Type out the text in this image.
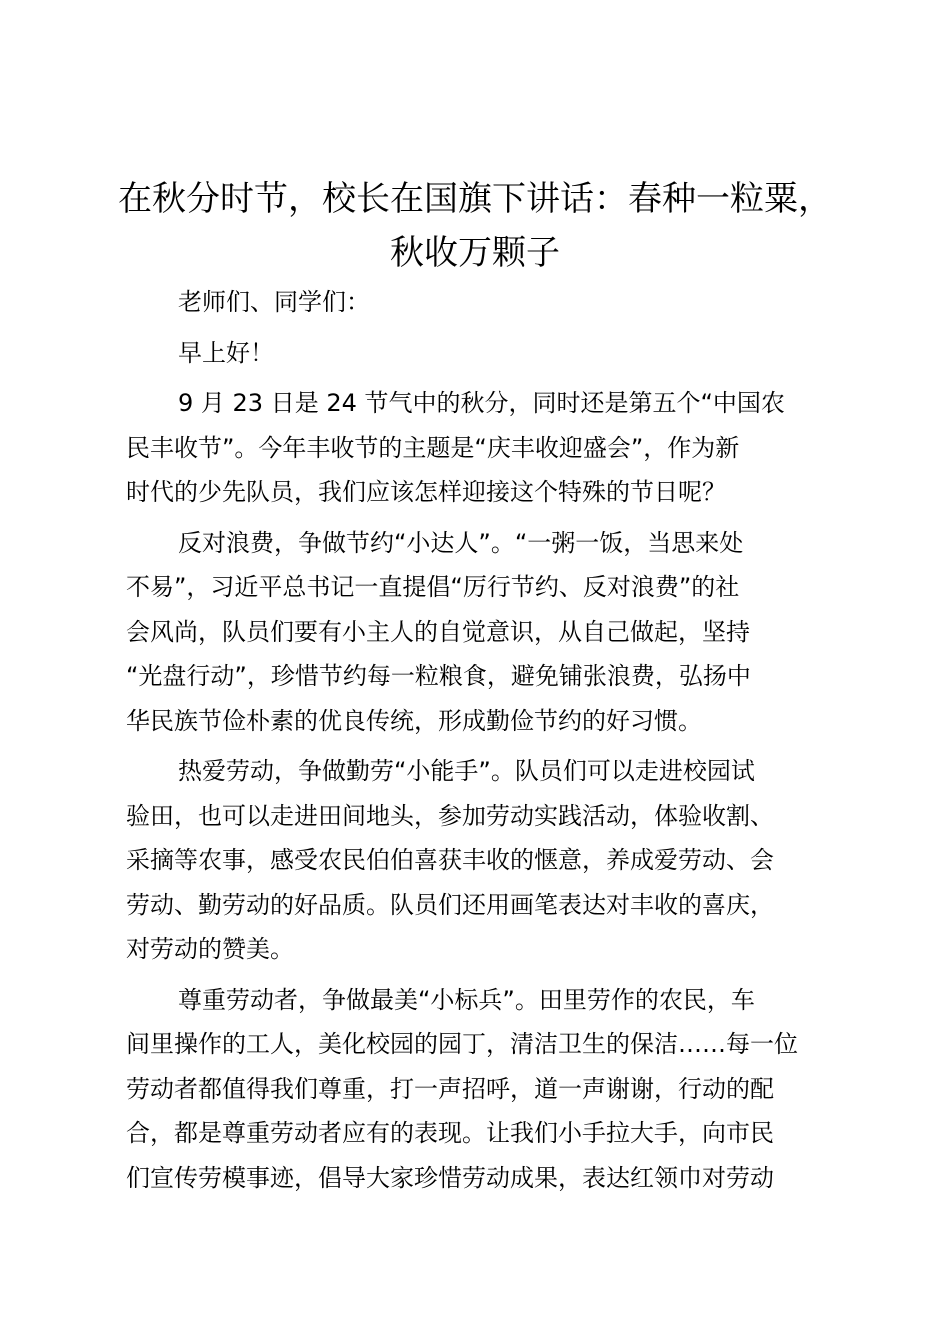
在秋分时节，校长在国旗下讲话：春种一粒粟，
秋收万颗子

老师们、同学们：

早上好！

9 月 23 日是 24 节气中的秋分，同时还是第五个“中国农
民丰收节”。今年丰收节的主题是“庆丰收迎盛会”，作为新
时代的少先队员，我们应该怎样迎接这个特殊的节日呢？

反对浪费，争做节约“小达人”。“一粥一饭，当思来处
不易”，习近平总书记一直提倡“厉行节约、反对浪费”的社
会风尚，队员们要有小主人的自觉意识，从自己做起，坚持
“光盘行动”，珍惜节约每一粒粮食，避免铺张浪费，弘扬中
华民族节俭朴素的优良传统，形成勤俭节约的好习惯。

热爱劳动，争做勤劳“小能手”。队员们可以走进校园试
验田，也可以走进田间地头，参加劳动实践活动，体验收割、
采摘等农事，感受农民伯伯喜获丰收的惬意，养成爱劳动、会
劳动、勤劳动的好品质。队员们还用画笔表达对丰收的喜庆，
对劳动的赞美。

尊重劳动者，争做最美“小标兵”。田里劳作的农民，车
间里操作的工人，美化校园的园丁，清洁卫生的保洁……每一位
劳动者都值得我们尊重，打一声招呼，道一声谢谢，行动的配
合，都是尊重劳动者应有的表现。让我们小手拉大手，向市民
们宣传劳模事迹，倡导大家珍惜劳动成果，表达红领巾对劳动
